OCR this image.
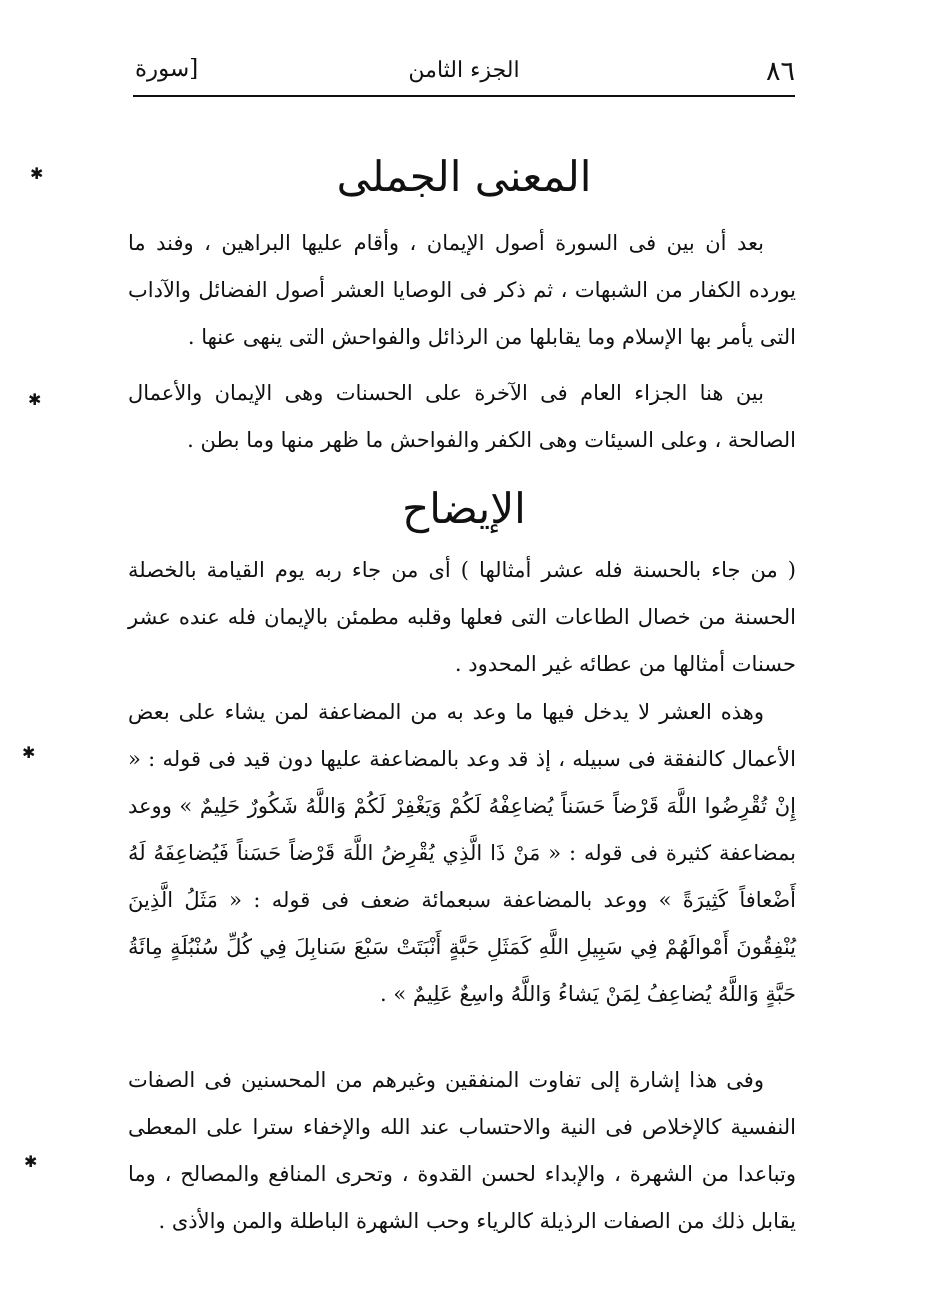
٨٦
الجزء الثامن
[سورة
المعنى الجملى
بعد أن بين فى السورة أصول الإيمان ، وأقام عليها البراهين ، وفند ما يورده الكفار من الشبهات ، ثم ذكر فى الوصايا العشر أصول الفضائل والآداب التى يأمر بها الإسلام وما يقابلها من الرذائل والفواحش التى ينهى عنها .
بين هنا الجزاء العام فى الآخرة على الحسنات وهى الإيمان والأعمال الصالحة ، وعلى السيئات وهى الكفر والفواحش ما ظهر منها وما بطن .
الإيضاح
( من جاء بالحسنة فله عشر أمثالها ) أى من جاء ربه يوم القيامة بالخصلة الحسنة من خصال الطاعات التى فعلها وقلبه مطمئن بالإيمان فله عنده عشر حسنات أمثالها من عطائه غير المحدود .
وهذه العشر لا يدخل فيها ما وعد به من المضاعفة لمن يشاء على بعض الأعمال كالنفقة فى سبيله ، إذ قد وعد بالمضاعفة عليها دون قيد فى قوله : « إِنْ تُقْرِضُوا اللَّهَ قَرْضاً حَسَناً يُضاعِفْهُ لَكُمْ وَيَغْفِرْ لَكُمْ وَاللَّهُ شَكُورٌ حَلِيمٌ » ووعد بمضاعفة كثيرة فى قوله : « مَنْ ذَا الَّذِي يُقْرِضُ اللَّهَ قَرْضاً حَسَناً فَيُضاعِفَهُ لَهُ أَضْعافاً كَثِيرَةً » ووعد بالمضاعفة سبعمائة ضعف فى قوله : « مَثَلُ الَّذِينَ يُنْفِقُونَ أَمْوالَهُمْ فِي سَبِيلِ اللَّهِ كَمَثَلِ حَبَّةٍ أَنْبَتَتْ سَبْعَ سَنابِلَ فِي كُلِّ سُنْبُلَةٍ مِائَةُ حَبَّةٍ وَاللَّهُ يُضاعِفُ لِمَنْ يَشاءُ وَاللَّهُ واسِعٌ عَلِيمٌ » .
وفى هذا إشارة إلى تفاوت المنفقين وغيرهم من المحسنين فى الصفات النفسية كالإخلاص فى النية والاحتساب عند الله والإخفاء سترا على المعطى وتباعدا من الشهرة ، والإبداء لحسن القدوة ، وتحرى المنافع والمصالح ، وما يقابل ذلك من الصفات الرذيلة كالرياء وحب الشهرة الباطلة والمن والأذى .
✱
✱
✱
✱
